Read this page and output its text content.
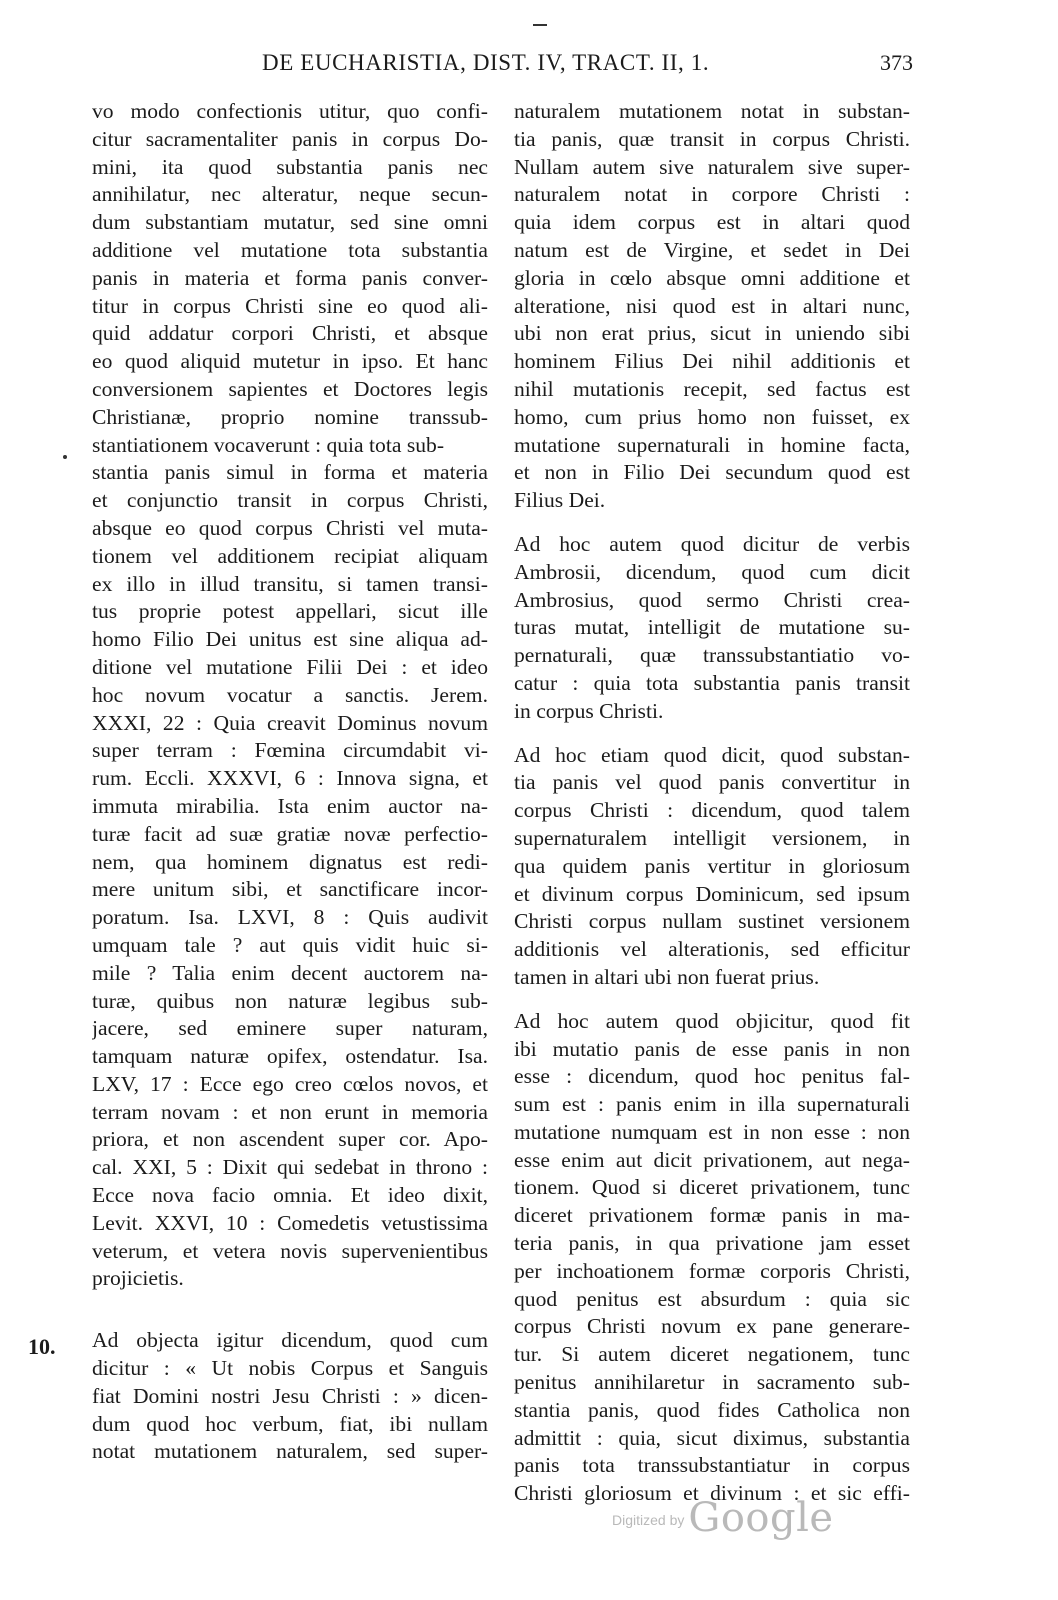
DE EUCHARISTIA, DIST. IV, TRACT. II, 1.	373
10.
vo modo confectionis utitur, quo confi-
citur sacramentaliter panis in corpus Do-
mini, ita quod substantia panis nec
annihilatur, nec alteratur, neque secun-
dum substantiam mutatur, sed sine omni
additione vel mutatione tota substantia
panis in materia et forma panis conver-
titur in corpus Christi sine eo quod ali-
quid addatur corpori Christi, et absque
eo quod aliquid mutetur in ipso. Et hanc
conversionem sapientes et Doctores legis
Christianæ, proprio nomine transsub-
stantiationem vocaverunt : quia tota sub-
stantia panis simul in forma et materia
et conjunctio transit in corpus Christi,
absque eo quod corpus Christi vel muta-
tionem vel additionem recipiat aliquam
ex illo in illud transitu, si tamen transi-
tus proprie potest appellari, sicut ille
homo Filio Dei unitus est sine aliqua ad-
ditione vel mutatione Filii Dei : et ideo
hoc novum vocatur a sanctis. Jerem.
XXXI, 22 : Quia creavit Dominus novum
super terram : Fœmina circumdabit vi-
rum. Eccli. XXXVI, 6 : Innova signa, et
immuta mirabilia. Ista enim auctor na-
turæ facit ad suæ gratiæ novæ perfectio-
nem, qua hominem dignatus est redi-
mere unitum sibi, et sanctificare incor-
poratum. Isa. LXVI, 8 : Quis audivit
umquam tale ? aut quis vidit huic si-
mile ? Talia enim decent auctorem na-
turæ, quibus non naturæ legibus sub-
jacere, sed eminere super naturam,
tamquam naturæ opifex, ostendatur. Isa.
LXV, 17 : Ecce ego creo cœlos novos, et
terram novam : et non erunt in memoria
priora, et non ascendent super cor. Apo-
cal. XXI, 5 : Dixit qui sedebat in throno :
Ecce nova facio omnia. Et ideo dixit,
Levit. XXVI, 10 : Comedetis vetustissima
veterum, et vetera novis supervenientibus
projicietis.
Ad objecta igitur dicendum, quod cum
dicitur : « Ut nobis Corpus et Sanguis
fiat Domini nostri Jesu Christi : » dicen-
dum quod hoc verbum, fiat, ibi nullam
notat mutationem naturalem, sed super-
naturalem mutationem notat in substan-
tia panis, quæ transit in corpus Christi.
Nullam autem sive naturalem sive super-
naturalem notat in corpore Christi :
quia idem corpus est in altari quod
natum est de Virgine, et sedet in Dei
gloria in cœlo absque omni additione et
alteratione, nisi quod est in altari nunc,
ubi non erat prius, sicut in uniendo sibi
hominem Filius Dei nihil additionis et
nihil mutationis recepit, sed factus est
homo, cum prius homo non fuisset, ex
mutatione supernaturali in homine facta,
et non in Filio Dei secundum quod est
Filius Dei.
Ad hoc autem quod dicitur de verbis
Ambrosii, dicendum, quod cum dicit
Ambrosius, quod sermo Christi crea-
turas mutat, intelligit de mutatione su-
pernaturali, quæ transsubstantiatio vo-
catur : quia tota substantia panis transit
in corpus Christi.
Ad hoc etiam quod dicit, quod substan-
tia panis vel quod panis convertitur in
corpus Christi : dicendum, quod talem
supernaturalem intelligit versionem, in
qua quidem panis vertitur in gloriosum
et divinum corpus Dominicum, sed ipsum
Christi corpus nullam sustinet versionem
additionis vel alterationis, sed efficitur
tamen in altari ubi non fuerat prius.
Ad hoc autem quod objicitur, quod fit
ibi mutatio panis de esse panis in non
esse : dicendum, quod hoc penitus fal-
sum est : panis enim in illa supernaturali
mutatione numquam est in non esse : non
esse enim aut dicit privationem, aut nega-
tionem. Quod si diceret privationem, tunc
diceret privationem formæ panis in ma-
teria panis, in qua privatione jam esset
per inchoationem formæ corporis Christi,
quod penitus est absurdum : quia sic
corpus Christi novum ex pane generare-
tur. Si autem diceret negationem, tunc
penitus annihilaretur in sacramento sub-
stantia panis, quod fides Catholica non
admittit : quia, sicut diximus, substantia
panis tota transsubstantiatur in corpus
Christi gloriosum et divinum : et sic effi-
Digitized by Google
